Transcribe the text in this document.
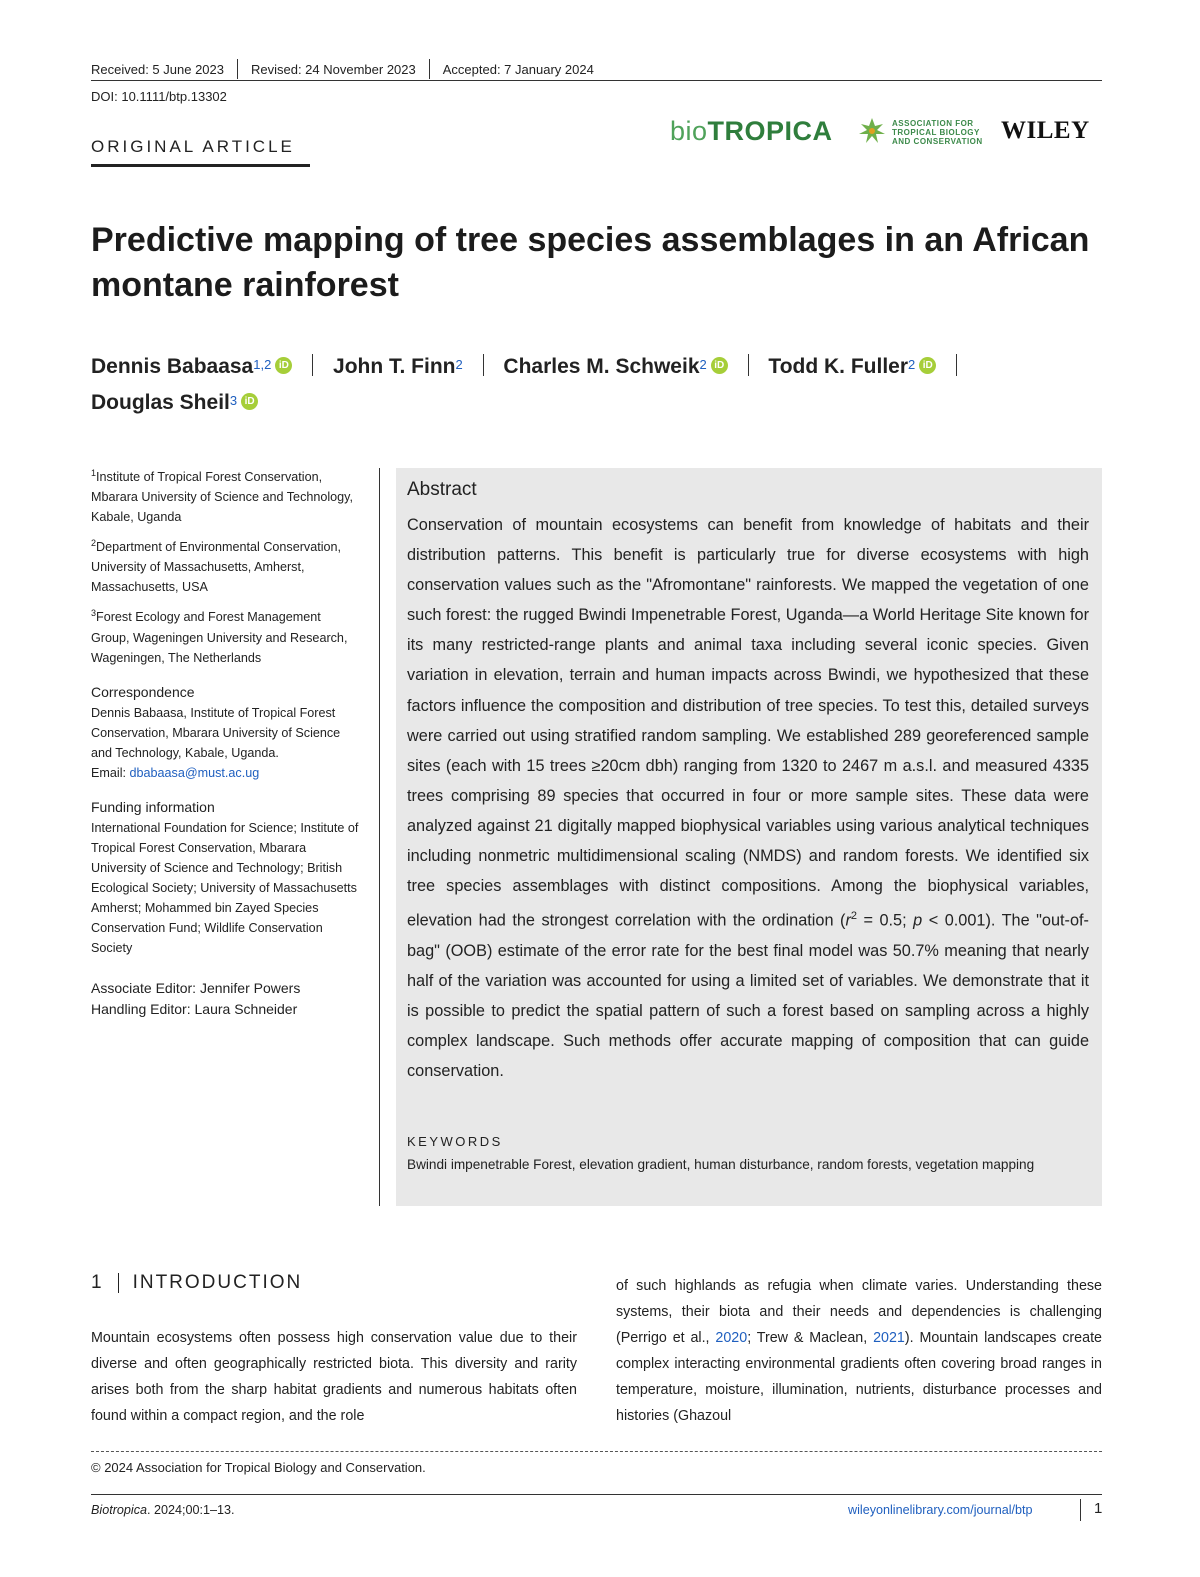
Received: 5 June 2023 Revised: 24 November 2023 Accepted: 7 January 2024
DOI: 10.1111/btp.13302
ORIGINAL ARTICLE
bioTROPICA	ASSOCIATION FOR
TROPICAL BIOLOGY
AND CONSERVATION WILEY
Predictive mapping of tree species assemblages in an African
montane rainforest
Dennis Babaasa$^{1,2}$ iD John T. Finn$^2$ Charles M. Schweik$^2$ iD Todd K. Fuller$^2$ iD
Douglas Sheil$^3$ iD

$^1$Institute of Tropical Forest Conservation, Mbarara University of Science and Technology, Kabale, Uganda

$^2$Department of Environmental Conservation, University of Massachusetts, Amherst, Massachusetts, USA

$^3$Forest Ecology and Forest Management Group, Wageningen University and Research, Wageningen, The Netherlands

Correspondence

Dennis Babaasa, Institute of Tropical Forest Conservation, Mbarara University of Science and Technology, Kabale, Uganda.
Email: dbabaasa@must.ac.ug

Funding information

International Foundation for Science; Institute of Tropical Forest Conservation, Mbarara University of Science and Technology; British Ecological Society; University of Massachusetts Amherst; Mohammed bin Zayed Species Conservation Fund; Wildlife Conservation Society

Associate Editor: Jennifer Powers
Handling Editor: Laura Schneider
Abstract
Conservation of mountain ecosystems can benefit from knowledge of habitats and their distribution patterns. This benefit is particularly true for diverse ecosystems with high conservation values such as the "Afromontane" rainforests. We mapped the vegetation of one such forest: the rugged Bwindi Impenetrable Forest, Uganda—a World Heritage Site known for its many restricted-range plants and animal taxa including several iconic species. Given variation in elevation, terrain and human impacts across Bwindi, we hypothesized that these factors influence the composition and distribution of tree species. To test this, detailed surveys were carried out using stratified random sampling. We established 289 georeferenced sample sites (each with 15 trees ≥20cm dbh) ranging from 1320 to 2467 m a.s.l. and measured 4335 trees comprising 89 species that occurred in four or more sample sites. These data were analyzed against 21 digitally mapped biophysical variables using various analytical techniques including nonmetric multidimensional scaling (NMDS) and random forests. We identified six tree species assemblages with distinct compositions. Among the biophysical variables, elevation had the strongest correlation with the ordination ($r^2 = 0.5$; p < 0.001). The "out-of-bag" (OOB) estimate of the error rate for the best final model was 50.7% meaning that nearly half of the variation was accounted for using a limited set of variables. We demonstrate that it is possible to predict the spatial pattern of such a forest based on sampling across a highly complex landscape. Such methods offer accurate mapping of composition that can guide conservation.
KEYWORDS
Bwindi impenetrable Forest, elevation gradient, human disturbance, random forests, vegetation mapping
1 INTRODUCTION
Mountain ecosystems often possess high conservation value due to their diverse and often geographically restricted biota. This diversity and rarity arises both from the sharp habitat gradients and numerous habitats often found within a compact region, and the role
of such highlands as refugia when climate varies. Understanding these systems, their biota and their needs and dependencies is challenging (Perrigo et al., 2020; Trew & Maclean, 2021). Mountain landscapes create complex interacting environmental gradients often covering broad ranges in temperature, moisture, illumination, nutrients, disturbance processes and histories (Ghazoul
© 2024 Association for Tropical Biology and Conservation.
Biotropica. 2024;00:1–13.	wileyonlinelibrary.com/journal/btp	1
